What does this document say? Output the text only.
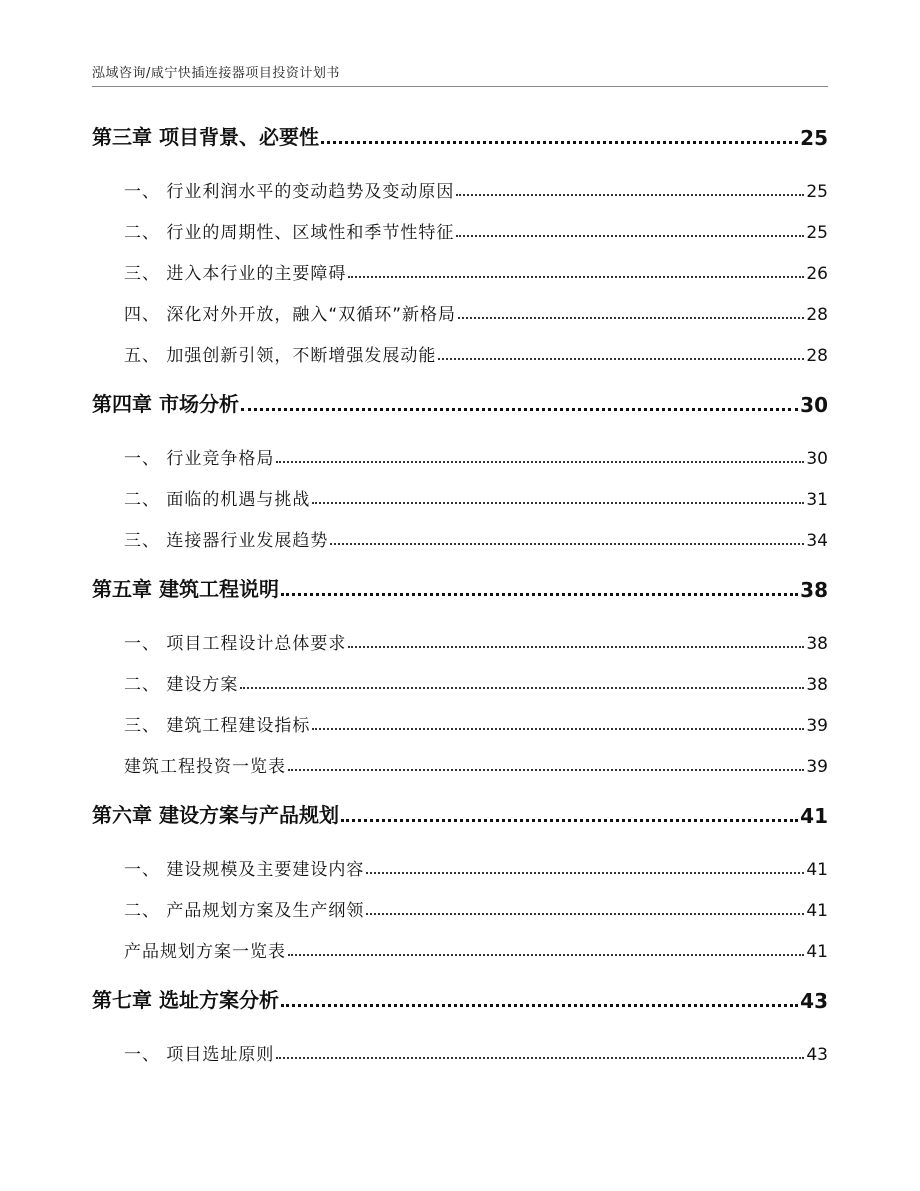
泓域咨询/咸宁快插连接器项目投资计划书
第三章 项目背景、必要性	25
一、 行业利润水平的变动趋势及变动原因	25
二、 行业的周期性、区域性和季节性特征	25
三、 进入本行业的主要障碍	26
四、 深化对外开放，融入“双循环”新格局	28
五、 加强创新引领，不断增强发展动能	28
第四章 市场分析	30
一、 行业竞争格局	30
二、 面临的机遇与挑战	31
三、 连接器行业发展趋势	34
第五章 建筑工程说明	38
一、 项目工程设计总体要求	38
二、 建设方案	38
三、 建筑工程建设指标	39
建筑工程投资一览表	39
第六章 建设方案与产品规划	41
一、 建设规模及主要建设内容	41
二、 产品规划方案及生产纲领	41
产品规划方案一览表	41
第七章 选址方案分析	43
一、 项目选址原则	43
